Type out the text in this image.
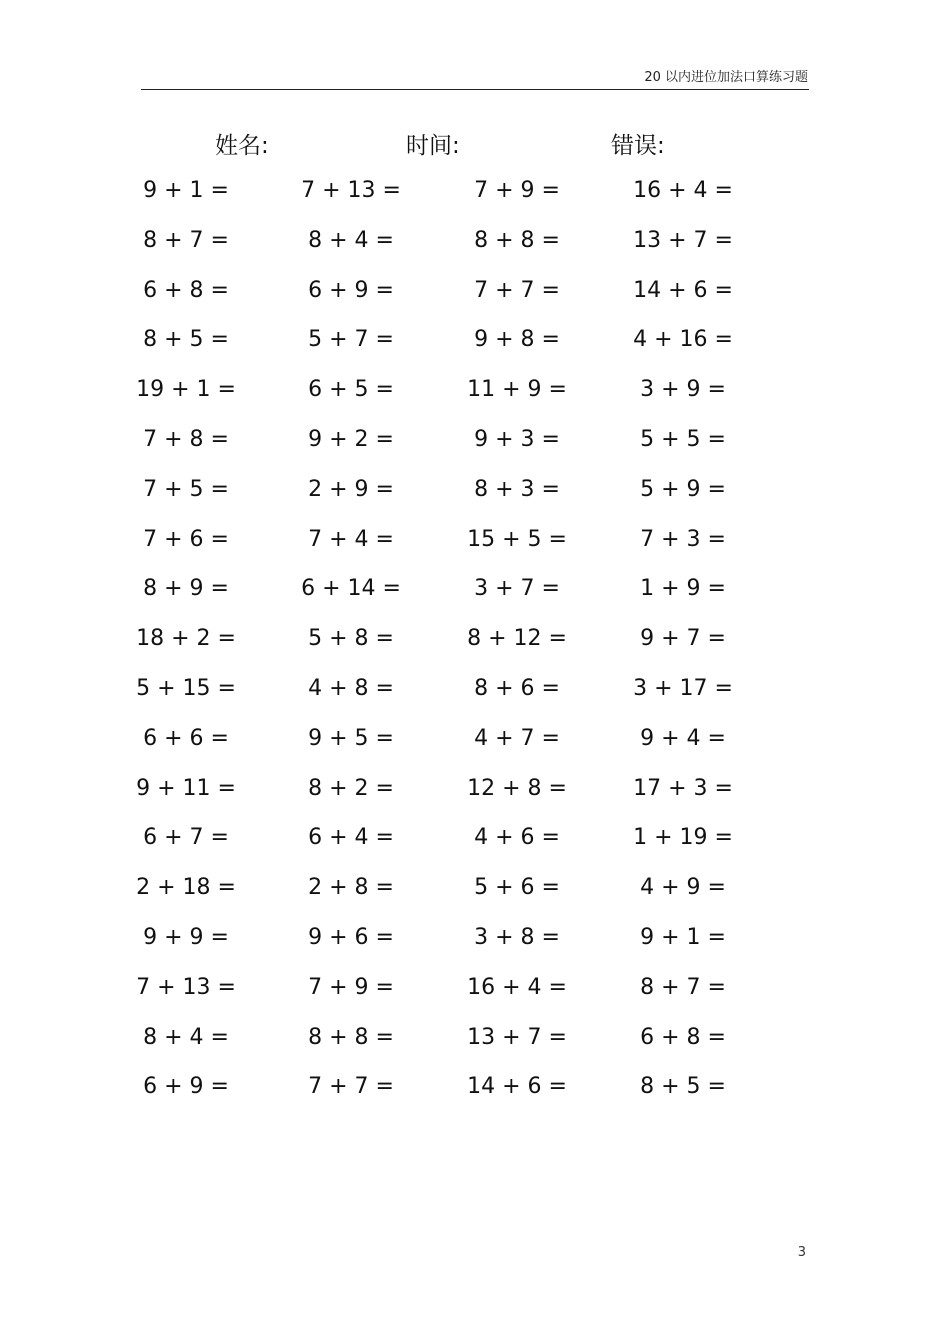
20 以内进位加法口算练习题
姓名:	时间:	错误:
9 + 1 =	7 + 13 =	7 + 9 =	16 + 4 =
8 + 7 =	8 + 4 =	8 + 8 =	13 + 7 =
6 + 8 =	6 + 9 =	7 + 7 =	14 + 6 =
8 + 5 =	5 + 7 =	9 + 8 =	4 + 16 =
19 + 1 =	6 + 5 =	11 + 9 =	3 + 9 =
7 + 8 =	9 + 2 =	9 + 3 =	5 + 5 =
7 + 5 =	2 + 9 =	8 + 3 =	5 + 9 =
7 + 6 =	7 + 4 =	15 + 5 =	7 + 3 =
8 + 9 =	6 + 14 =	3 + 7 =	1 + 9 =
18 + 2 =	5 + 8 =	8 + 12 =	9 + 7 =
5 + 15 =	4 + 8 =	8 + 6 =	3 + 17 =
6 + 6 =	9 + 5 =	4 + 7 =	9 + 4 =
9 + 11 =	8 + 2 =	12 + 8 =	17 + 3 =
6 + 7 =	6 + 4 =	4 + 6 =	1 + 19 =
2 + 18 =	2 + 8 =	5 + 6 =	4 + 9 =
9 + 9 =	9 + 6 =	3 + 8 =	9 + 1 =
7 + 13 =	7 + 9 =	16 + 4 =	8 + 7 =
8 + 4 =	8 + 8 =	13 + 7 =	6 + 8 =
6 + 9 =	7 + 7 =	14 + 6 =	8 + 5 =
3
